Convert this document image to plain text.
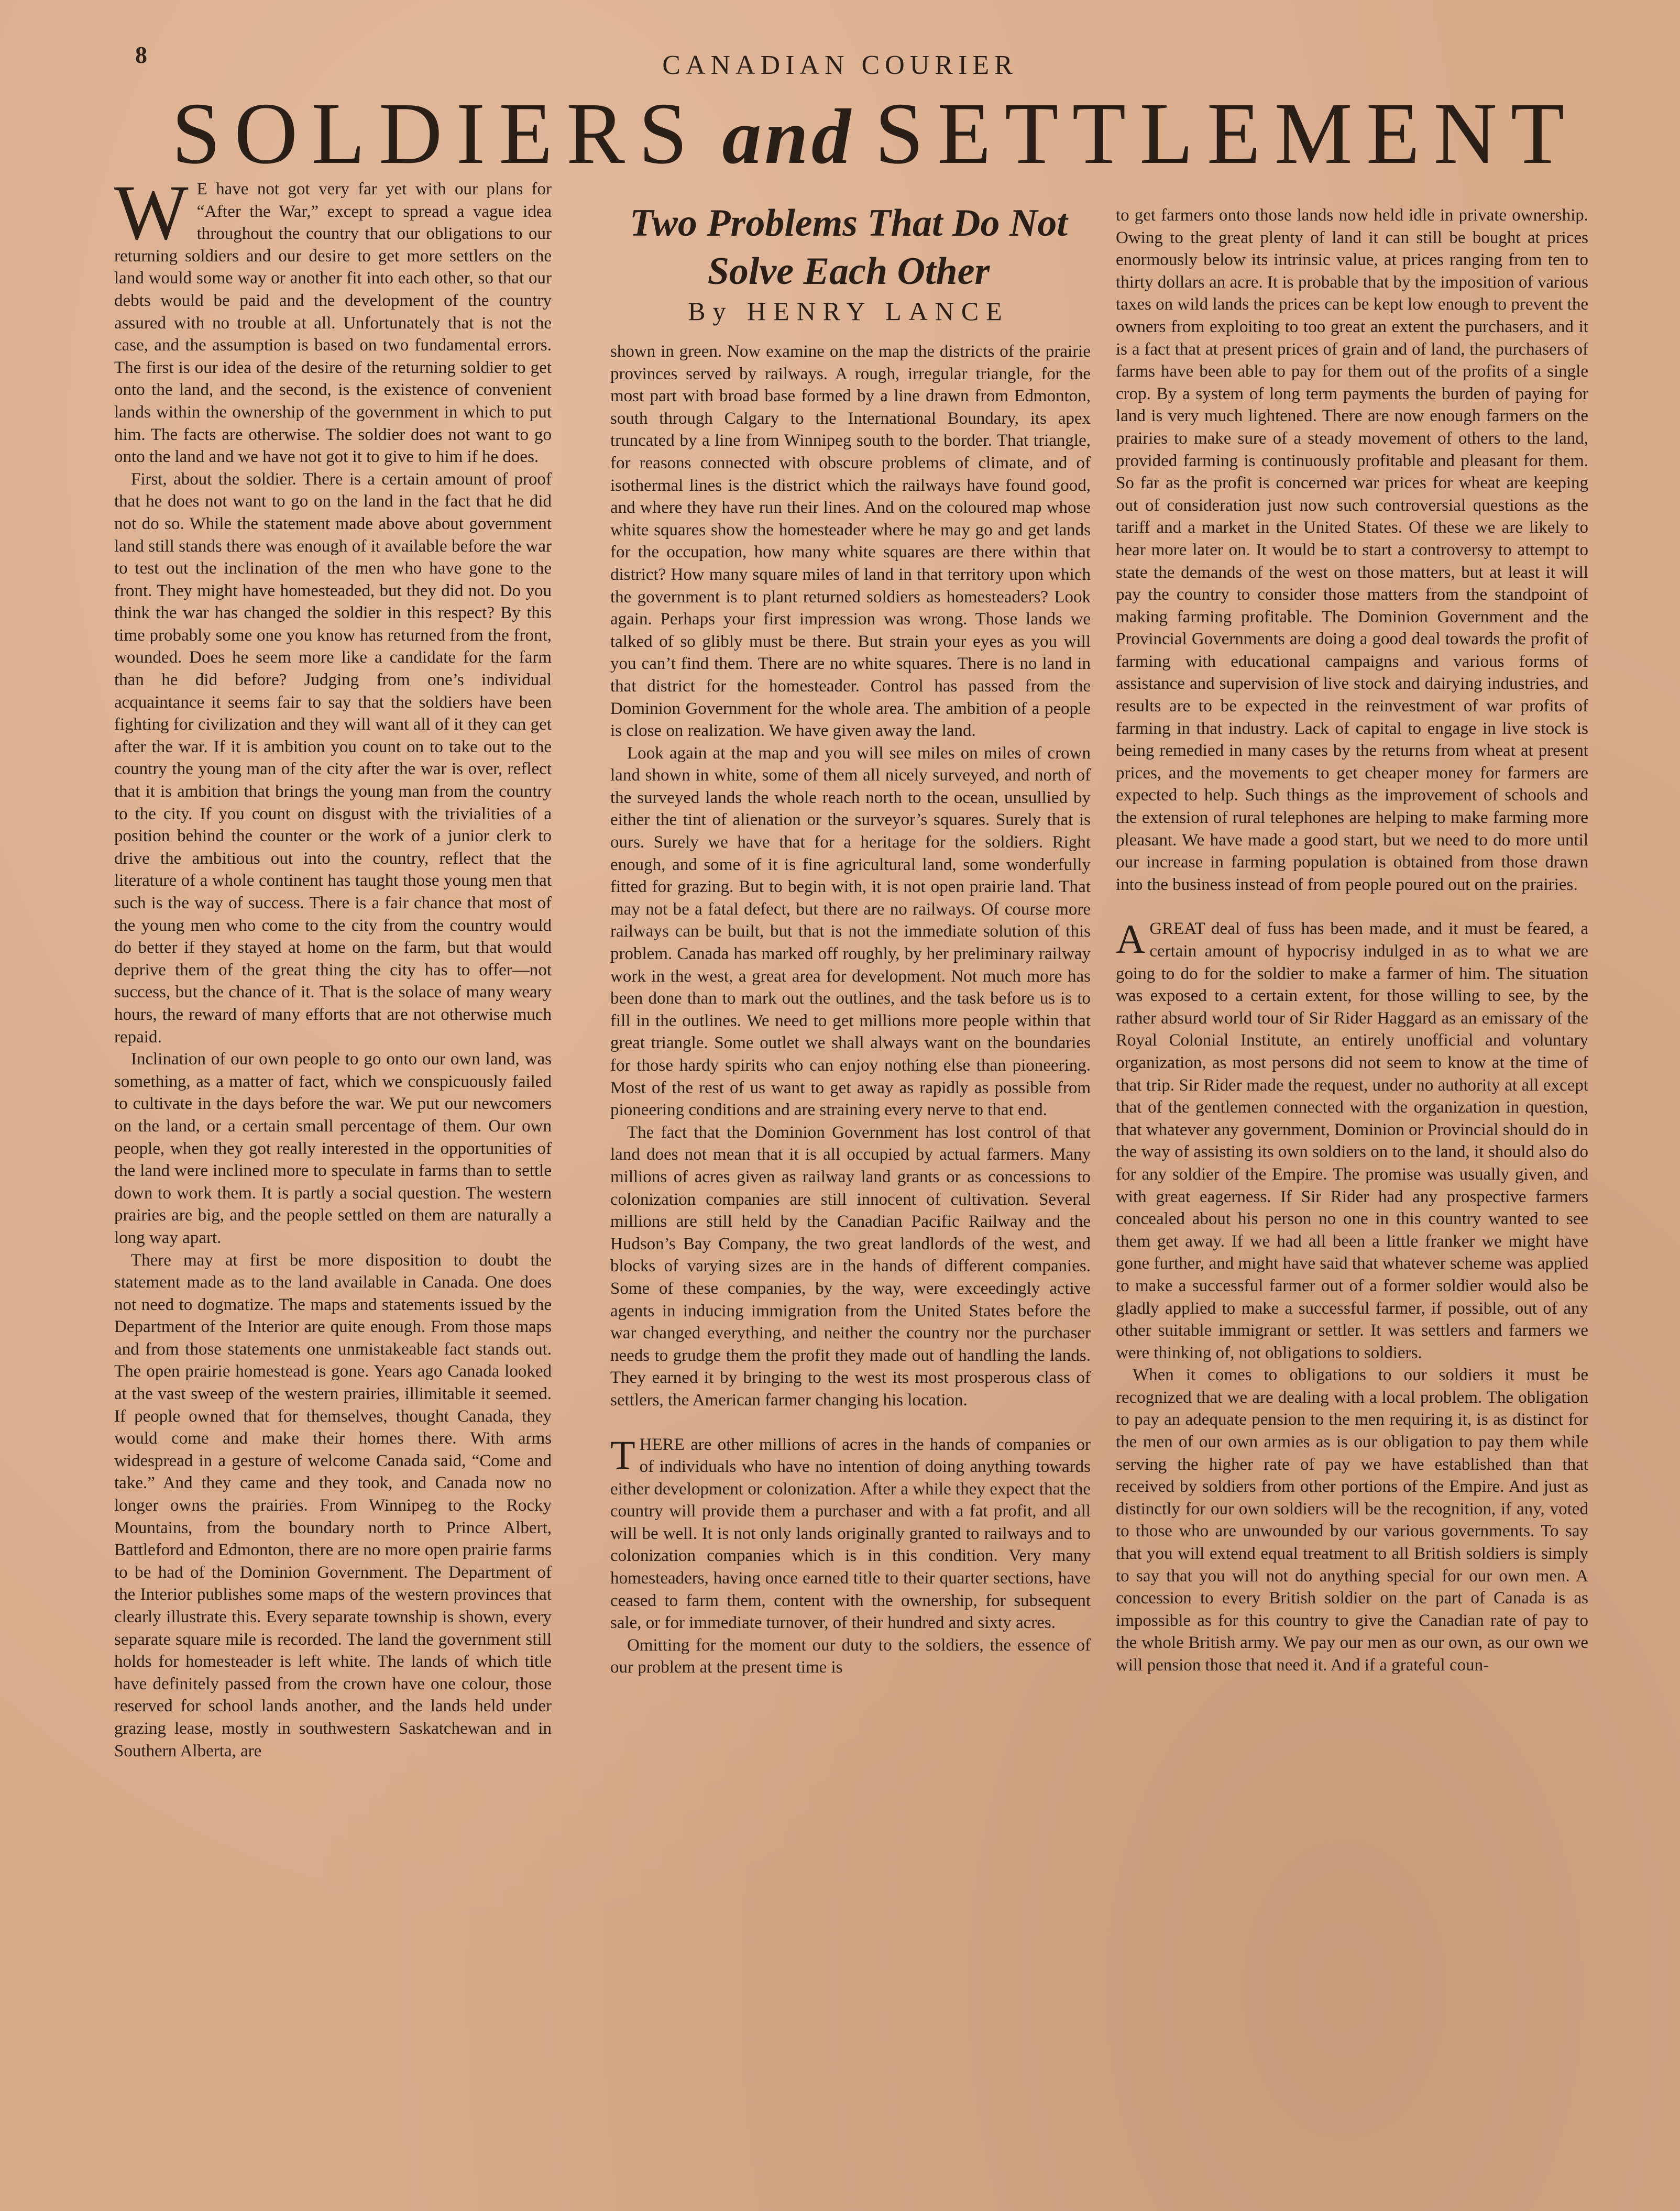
8	CANADIAN COURIER
SOLDIERS and SETTLEMENT
Two Problems That Do Not Solve Each Other
By HENRY LANCE

W E have not got very far yet with our plans for “After the War,” except to spread a vague idea throughout the country that our obligations to our returning soldiers and our desire to get more settlers on the land would some way or another fit into each other, so that our debts would be paid and the development of the country assured with no trouble at all. Unfortunately that is not the case, and the assumption is based on two fundamental errors. The first is our idea of the desire of the returning soldier to get onto the land, and the second, is the existence of convenient lands within the ownership of the government in which to put him. The facts are otherwise. The soldier does not want to go onto the land and we have not got it to give to him if he does.

First, about the soldier. There is a certain amount of proof that he does not want to go on the land in the fact that he did not do so. While the statement made above about government land still stands there was enough of it available before the war to test out the inclination of the men who have gone to the front. They might have homesteaded, but they did not. Do you think the war has changed the soldier in this respect? By this time probably some one you know has returned from the front, wounded. Does he seem more like a candidate for the farm than he did before? Judging from one’s individual acquaintance it seems fair to say that the soldiers have been fighting for civilization and they will want all of it they can get after the war. If it is ambition you count on to take out to the country the young man of the city after the war is over, reflect that it is ambition that brings the young man from the country to the city. If you count on disgust with the trivialities of a position behind the counter or the work of a junior clerk to drive the ambitious out into the country, reflect that the literature of a whole continent has taught those young men that such is the way of success. There is a fair chance that most of the young men who come to the city from the country would do better if they stayed at home on the farm, but that would deprive them of the great thing the city has to offer—not success, but the chance of it. That is the solace of many weary hours, the reward of many efforts that are not otherwise much repaid.

Inclination of our own people to go onto our own land, was something, as a matter of fact, which we conspicuously failed to cultivate in the days before the war. We put our newcomers on the land, or a certain small percentage of them. Our own people, when they got really interested in the opportunities of the land were inclined more to speculate in farms than to settle down to work them. It is partly a social question. The western prairies are big, and the people settled on them are naturally a long way apart.

There may at first be more disposition to doubt the statement made as to the land available in Canada. One does not need to dogmatize. The maps and statements issued by the Department of the Interior are quite enough. From those maps and from those statements one unmistakeable fact stands out. The open prairie homestead is gone. Years ago Canada looked at the vast sweep of the western prairies, illimitable it seemed. If people owned that for themselves, thought Canada, they would come and make their homes there. With arms widespread in a gesture of welcome Canada said, “Come and take.” And they came and they took, and Canada now no longer owns the prairies. From Winnipeg to the Rocky Mountains, from the boundary north to Prince Albert, Battleford and Edmonton, there are no more open prairie farms to be had of the Dominion Government. The Department of the Interior publishes some maps of the western provinces that clearly illustrate this. Every separate township is shown, every separate square mile is recorded. The land the government still holds for homesteader is left white. The lands of which title have definitely passed from the crown have one colour, those reserved for school lands another, and the lands held under grazing lease, mostly in southwestern Saskatchewan and in Southern Alberta, are

shown in green. Now examine on the map the districts of the prairie provinces served by railways. A rough, irregular triangle, for the most part with broad base formed by a line drawn from Edmonton, south through Calgary to the International Boundary, its apex truncated by a line from Winnipeg south to the border. That triangle, for reasons connected with obscure problems of climate, and of isothermal lines is the district which the railways have found good, and where they have run their lines. And on the coloured map whose white squares show the homesteader where he may go and get lands for the occupation, how many white squares are there within that district? How many square miles of land in that territory upon which the government is to plant returned soldiers as homesteaders? Look again. Perhaps your first impression was wrong. Those lands we talked of so glibly must be there. But strain your eyes as you will you can’t find them. There are no white squares. There is no land in that district for the homesteader. Control has passed from the Dominion Government for the whole area. The ambition of a people is close on realization. We have given away the land.

Look again at the map and you will see miles on miles of crown land shown in white, some of them all nicely surveyed, and north of the surveyed lands the whole reach north to the ocean, unsullied by either the tint of alienation or the surveyor’s squares. Surely that is ours. Surely we have that for a heritage for the soldiers. Right enough, and some of it is fine agricultural land, some wonderfully fitted for grazing. But to begin with, it is not open prairie land. That may not be a fatal defect, but there are no railways. Of course more railways can be built, but that is not the immediate solution of this problem. Canada has marked off roughly, by her preliminary railway work in the west, a great area for development. Not much more has been done than to mark out the outlines, and the task before us is to fill in the outlines. We need to get millions more people within that great triangle. Some outlet we shall always want on the boundaries for those hardy spirits who can enjoy nothing else than pioneering. Most of the rest of us want to get away as rapidly as possible from pioneering conditions and are straining every nerve to that end.

The fact that the Dominion Government has lost control of that land does not mean that it is all occupied by actual farmers. Many millions of acres given as railway land grants or as concessions to colonization companies are still innocent of cultivation. Several millions are still held by the Canadian Pacific Railway and the Hudson’s Bay Company, the two great landlords of the west, and blocks of varying sizes are in the hands of different companies. Some of these companies, by the way, were exceedingly active agents in inducing immigration from the United States before the war changed everything, and neither the country nor the purchaser needs to grudge them the profit they made out of handling the lands. They earned it by bringing to the west its most prosperous class of settlers, the American farmer changing his location.

THERE are other millions of acres in the hands of companies or of individuals who have no intention of doing anything towards either development or colonization. After a while they expect that the country will provide them a purchaser and with a fat profit, and all will be well. It is not only lands originally granted to railways and to colonization companies which is in this condition. Very many homesteaders, having once earned title to their quarter sections, have ceased to farm them, content with the ownership, for subsequent sale, or for immediate turnover, of their hundred and sixty acres.

Omitting for the moment our duty to the soldiers, the essence of our problem at the present time is

to get farmers onto those lands now held idle in private ownership. Owing to the great plenty of land it can still be bought at prices enormously below its intrinsic value, at prices ranging from ten to thirty dollars an acre. It is probable that by the imposition of various taxes on wild lands the prices can be kept low enough to prevent the owners from exploiting to too great an extent the purchasers, and it is a fact that at present prices of grain and of land, the purchasers of farms have been able to pay for them out of the profits of a single crop. By a system of long term payments the burden of paying for land is very much lightened. There are now enough farmers on the prairies to make sure of a steady movement of others to the land, provided farming is continuously profitable and pleasant for them. So far as the profit is concerned war prices for wheat are keeping out of consideration just now such controversial questions as the tariff and a market in the United States. Of these we are likely to hear more later on. It would be to start a controversy to attempt to state the demands of the west on those matters, but at least it will pay the country to consider those matters from the standpoint of making farming profitable. The Dominion Government and the Provincial Governments are doing a good deal towards the profit of farming with educational campaigns and various forms of assistance and supervision of live stock and dairying industries, and results are to be expected in the reinvestment of war profits of farming in that industry. Lack of capital to engage in live stock is being remedied in many cases by the returns from wheat at present prices, and the movements to get cheaper money for farmers are expected to help. Such things as the improvement of schools and the extension of rural telephones are helping to make farming more pleasant. We have made a good start, but we need to do more until our increase in farming population is obtained from those drawn into the business instead of from people poured out on the prairies.

AGREAT deal of fuss has been made, and it must be feared, a certain amount of hypocrisy indulged in as to what we are going to do for the soldier to make a farmer of him. The situation was exposed to a certain extent, for those willing to see, by the rather absurd world tour of Sir Rider Haggard as an emissary of the Royal Colonial Institute, an entirely unofficial and voluntary organization, as most persons did not seem to know at the time of that trip. Sir Rider made the request, under no authority at all except that of the gentlemen connected with the organization in question, that whatever any government, Dominion or Provincial should do in the way of assisting its own soldiers on to the land, it should also do for any soldier of the Empire. The promise was usually given, and with great eagerness. If Sir Rider had any prospective farmers concealed about his person no one in this country wanted to see them get away. If we had all been a little franker we might have gone further, and might have said that whatever scheme was applied to make a successful farmer out of a former soldier would also be gladly applied to make a successful farmer, if possible, out of any other suitable immigrant or settler. It was settlers and farmers we were thinking of, not obligations to soldiers.

When it comes to obligations to our soldiers it must be recognized that we are dealing with a local problem. The obligation to pay an adequate pension to the men requiring it, is as distinct for the men of our own armies as is our obligation to pay them while serving the higher rate of pay we have established than that received by soldiers from other portions of the Empire. And just as distinctly for our own soldiers will be the recognition, if any, voted to those who are unwounded by our various governments. To say that you will extend equal treatment to all British soldiers is simply to say that you will not do anything special for our own men. A concession to every British soldier on the part of Canada is as impossible as for this country to give the Canadian rate of pay to the whole British army. We pay our men as our own, as our own we will pension those that need it. And if a grateful coun-
